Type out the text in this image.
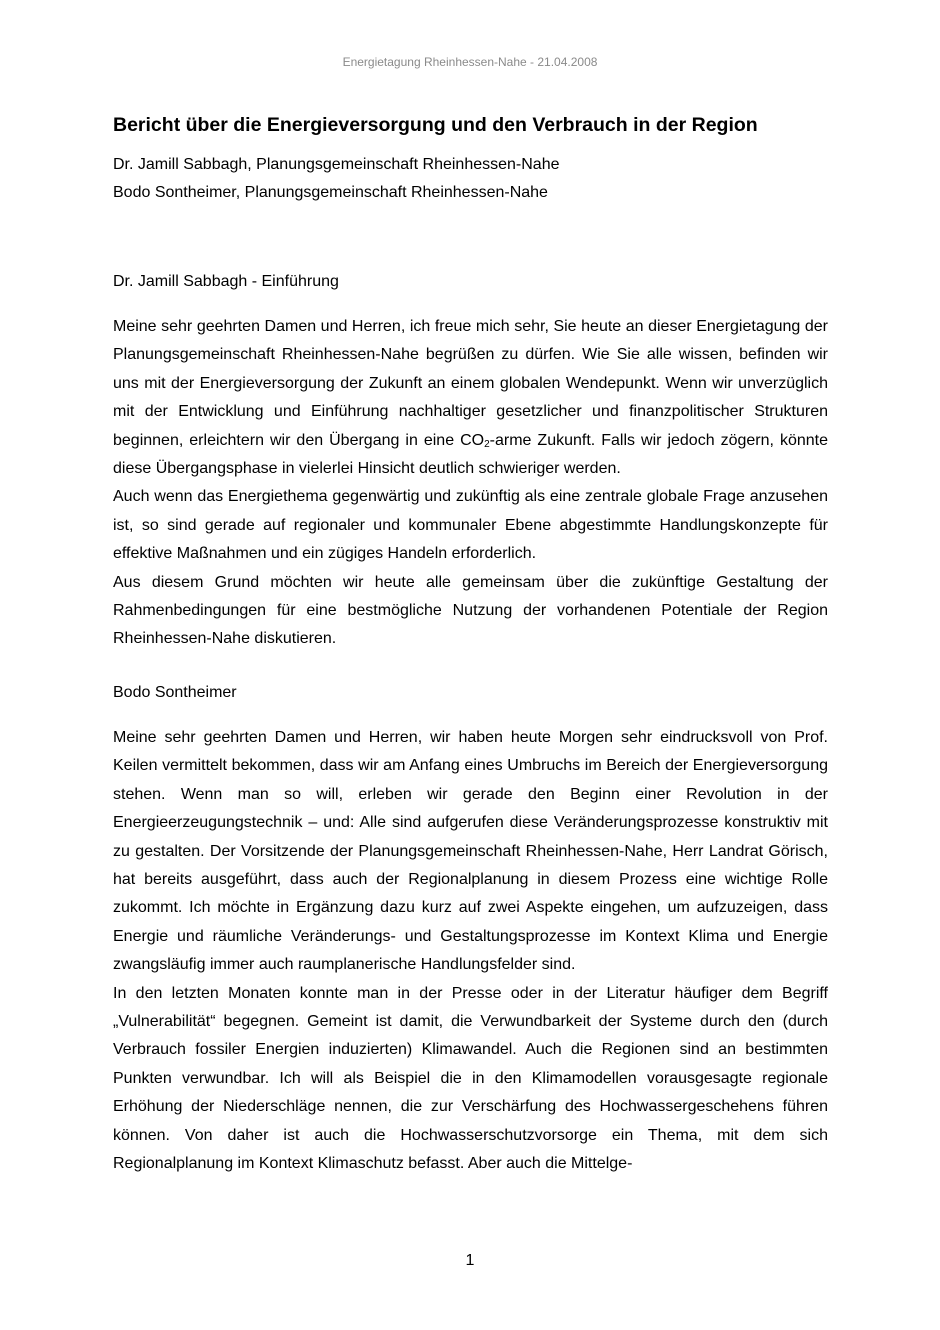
Energietagung Rheinhessen-Nahe - 21.04.2008
Bericht über die Energieversorgung und den Verbrauch in der Region
Dr. Jamill Sabbagh, Planungsgemeinschaft Rheinhessen-Nahe
Bodo Sontheimer, Planungsgemeinschaft Rheinhessen-Nahe
Dr. Jamill Sabbagh - Einführung

Meine sehr geehrten Damen und Herren, ich freue mich sehr, Sie heute an dieser Energietagung der Planungsgemeinschaft Rheinhessen-Nahe begrüßen zu dürfen. Wie Sie alle wissen, befinden wir uns mit der Energieversorgung der Zukunft an einem globalen Wendepunkt. Wenn wir unverzüglich mit der Entwicklung und Einführung nachhaltiger gesetzlicher und finanzpolitischer Strukturen beginnen, erleichtern wir den Übergang in eine $CO_2$-arme Zukunft. Falls wir jedoch zögern, könnte diese Übergangsphase in vielerlei Hinsicht deutlich schwieriger werden.

Auch wenn das Energiethema gegenwärtig und zukünftig als eine zentrale globale Frage anzusehen ist, so sind gerade auf regionaler und kommunaler Ebene abgestimmte Handlungskonzepte für effektive Maßnahmen und ein zügiges Handeln erforderlich.

Aus diesem Grund möchten wir heute alle gemeinsam über die zukünftige Gestaltung der Rahmenbedingungen für eine bestmögliche Nutzung der vorhandenen Potentiale der Region Rheinhessen-Nahe diskutieren.

Bodo Sontheimer

Meine sehr geehrten Damen und Herren, wir haben heute Morgen sehr eindrucksvoll von Prof. Keilen vermittelt bekommen, dass wir am Anfang eines Umbruchs im Bereich der Energieversorgung stehen. Wenn man so will, erleben wir gerade den Beginn einer Revolution in der Energieerzeugungstechnik – und: Alle sind aufgerufen diese Veränderungsprozesse konstruktiv mit zu gestalten. Der Vorsitzende der Planungsgemeinschaft Rheinhessen-Nahe, Herr Landrat Görisch, hat bereits ausgeführt, dass auch der Regionalplanung in diesem Prozess eine wichtige Rolle zukommt. Ich möchte in Ergänzung dazu kurz auf zwei Aspekte eingehen, um aufzuzeigen, dass Energie und räumliche Veränderungs- und Gestaltungsprozesse im Kontext Klima und Energie zwangsläufig immer auch raumplanerische Handlungsfelder sind.

In den letzten Monaten konnte man in der Presse oder in der Literatur häufiger dem Begriff „Vulnerabilität“ begegnen. Gemeint ist damit, die Verwundbarkeit der Systeme durch den (durch Verbrauch fossiler Energien induzierten) Klimawandel. Auch die Regionen sind an bestimmten Punkten verwundbar. Ich will als Beispiel die in den Klimamodellen vorausgesagte regionale Erhöhung der Niederschläge nennen, die zur Verschärfung des Hochwassergeschehens führen können. Von daher ist auch die Hochwasserschutzvorsorge ein Thema, mit dem sich Regionalplanung im Kontext Klimaschutz befasst. Aber auch die Mittelge-

1
